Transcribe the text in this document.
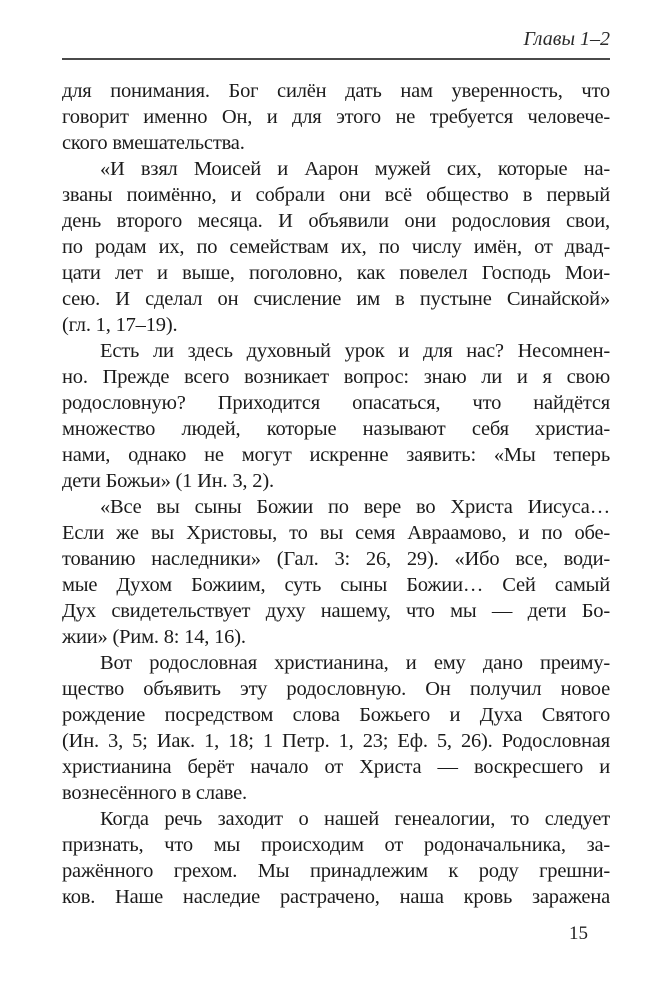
Главы 1–2
для понимания. Бог силён дать нам уверенность, что
говорит именно Он, и для этого не требуется человече-
ского вмешательства.
«И взял Моисей и Аарон мужей сих, которые на-
званы поимённо, и собрали они всё общество в первый
день второго месяца. И объявили они родословия свои,
по родам их, по семействам их, по числу имён, от двад-
цати лет и выше, поголовно, как повелел Господь Мои-
сею. И сделал он счисление им в пустыне Синайской»
(гл. 1, 17–19).
Есть ли здесь духовный урок и для нас? Несомнен-
но. Прежде всего возникает вопрос: знаю ли и я свою
родословную? Приходится опасаться, что найдётся
множество людей, которые называют себя христиа-
нами, однако не могут искренне заявить: «Мы теперь
дети Божьи» (1 Ин. 3, 2).
«Все вы сыны Божии по вере во Христа Иисуса…
Если же вы Христовы, то вы семя Авраамово, и по обе-
тованию наследники» (Гал. 3: 26, 29). «Ибо все, води-
мые Духом Божиим, суть сыны Божии… Сей самый
Дух свидетельствует духу нашему, что мы — дети Бо-
жии» (Рим. 8: 14, 16).
Вот родословная христианина, и ему дано преиму-
щество объявить эту родословную. Он получил новое
рождение посредством слова Божьего и Духа Святого
(Ин. 3, 5; Иак. 1, 18; 1 Петр. 1, 23; Еф. 5, 26). Родословная
христианина берёт начало от Христа — воскресшего и
вознесённого в славе.
Когда речь заходит о нашей генеалогии, то следует
признать, что мы происходим от родоначальника, за-
ражённого грехом. Мы принадлежим к роду грешни-
ков. Наше наследие растрачено, наша кровь заражена
15
